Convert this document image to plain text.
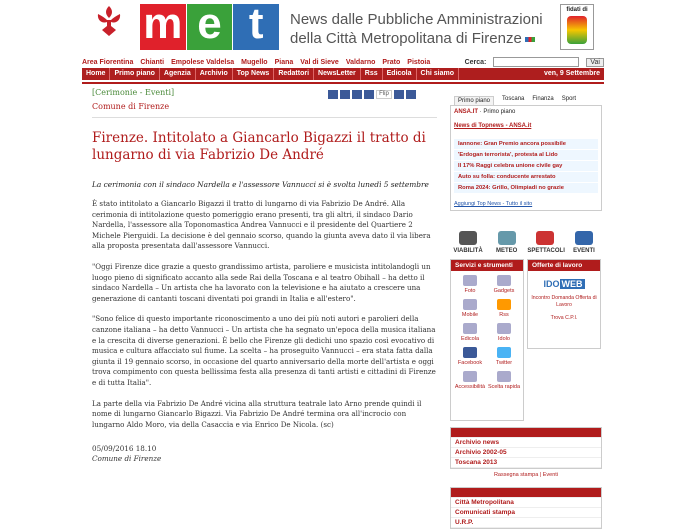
m e t	News dalle Pubbliche Amministrazioni
della Città Metropolitana di Firenze
fidati di
Area Fiorentina Chianti Empolese Valdelsa Mugello Piana Val di Sieve Valdarno Prato Pistoia	Cerca:	Vai
Home	Primo piano	Agenzia	Archivio	Top News	Redattori	NewsLetter	Rss	Edicola	Chi siamo	ven, 9 Settembre
[Cerimonie - Eventi]
Comune di Firenze
Flip
Firenze. Intitolato a Giancarlo Bigazzi il tratto di lungarno di via Fabrizio De André
La cerimonia con il sindaco Nardella e l'assessore Vannucci si è svolta lunedì 5 settembre

È stato intitolato a Giancarlo Bigazzi il tratto di lungarno di via Fabrizio De André. Alla cerimonia di intitolazione questo pomeriggio erano presenti, tra gli altri, il sindaco Dario Nardella, l'assessore alla Toponomastica Andrea Vannucci e il presidente del Quartiere 2 Michele Pierguidi. La decisione è del gennaio scorso, quando la giunta aveva dato il via libera alla proposta presentata dall'assessore Vannucci.

"Oggi Firenze dice grazie a questo grandissimo artista, paroliere e musicista intitolandogli un luogo pieno di significato accanto alla sede Rai della Toscana e al teatro Obihall – ha detto il sindaco Nardella – Un artista che ha lavorato con la televisione e ha aiutato a crescere una generazione di cantanti toscani diventati poi grandi in Italia e all'estero".

"Sono felice di questo importante riconoscimento a uno dei più noti autori e parolieri della canzone italiana – ha detto Vannucci – Un artista che ha segnato un'epoca della musica italiana e la crescita di diverse generazioni. È bello che Firenze gli dedichi uno spazio così evocativo di musica e cultura affacciato sul fiume. La scelta – ha proseguito Vannucci – era stata fatta dalla giunta il 19 gennaio scorso, in occasione del quarto anniversario della morte dell'artista e oggi trova compimento con questa bellissima festa alla presenza di tanti artisti e cittadini di Firenze e di tutta Italia".

La parte della via Fabrizio De André vicina alla struttura teatrale lato Arno prende quindi il nome di lungarno Giancarlo Bigazzi. Via Fabrizio De André termina ora all'incrocio con lungarno Aldo Moro, via della Casaccia e via Enrico De Nicola. (sc)

05/09/2016 18.10
Comune di Firenze
Primo piano	Toscana Finanza Sport
ANSA.IT · Primo piano
News di Topnews - ANSA.it
Iannone: Gran Premio ancora possibile
'Erdogan terrorista', protesta al Lido
Il 17% Raggi celebra unione civile gay
Auto su folla: conducente arrestato
Roma 2024: Grillo, Olimpiadi no grazie
Aggiungi Top News - Tutto il sito
VIABILITÀ	METEO	SPETTACOLI	EVENTI
Servizi e strumenti
Foto	Gadgets
Mobile	Rss
Edicola	Idolo
Facebook	Twitter
Accessibilità Scelta rapida
Offerte di lavoro
IDO WEB

Incontro Domanda Offerta di Lavoro

Trova C.P.I.

Met
Archivio news
Archivio 2002-05
Toscana 2013
Rassegna stampa | Eventi
Città Metropolitana
Città Metropolitana
Comunicati stampa
U.R.P.
